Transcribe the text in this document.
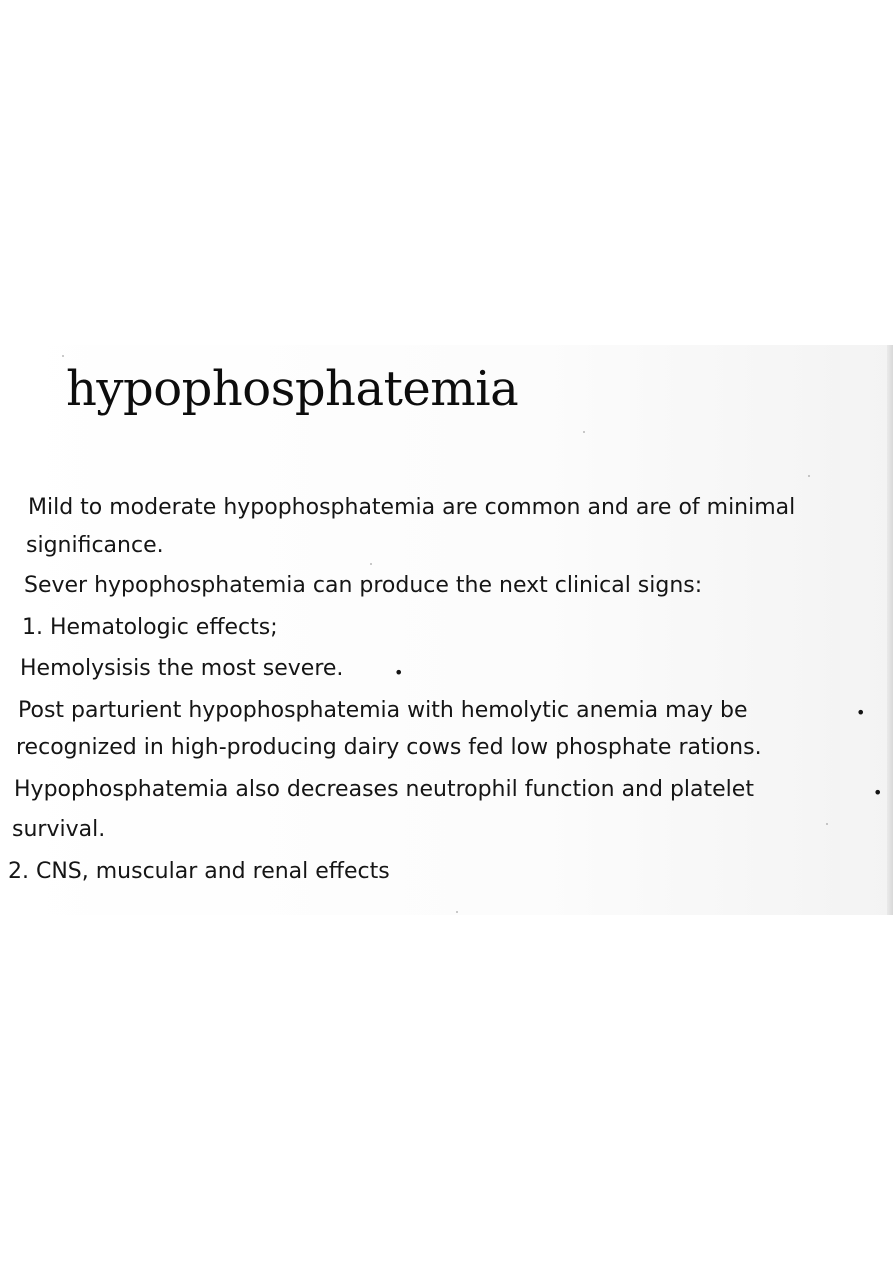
hypophosphatemia

Mild to moderate hypophosphatemia are common and are of minimal

significance.

Sever hypophosphatemia can produce the next clinical signs:

1. Hematologic effects;

Hemolysisis the most severe.	•

Post parturient hypophosphatemia with hemolytic anemia may be	•

recognized in high-producing dairy cows fed low phosphate rations.

Hypophosphatemia also decreases neutrophil function and platelet	•

survival.

2. CNS, muscular and renal effects
